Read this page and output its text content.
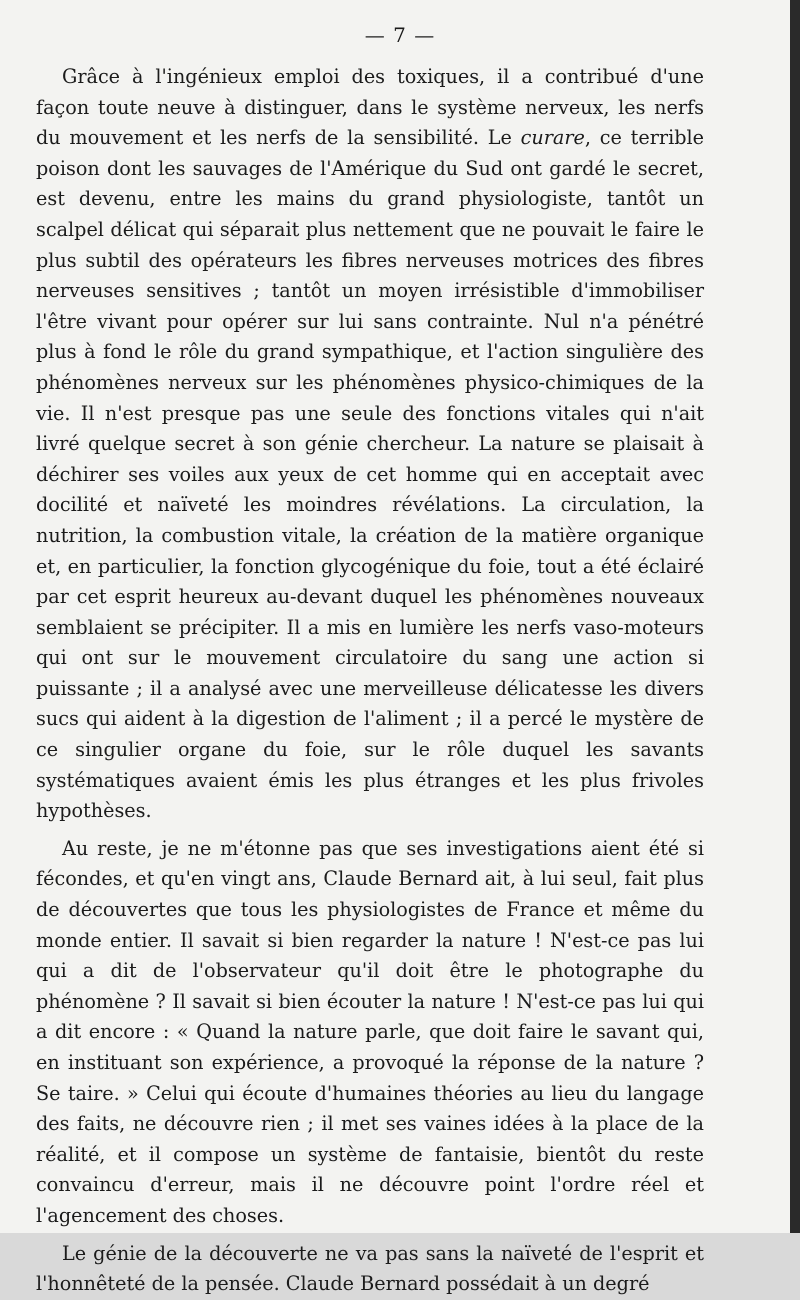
— 7 —

Grâce à l'ingénieux emploi des toxiques, il a contribué d'une façon toute neuve à distinguer, dans le système nerveux, les nerfs du mouvement et les nerfs de la sensibilité. Le curare, ce terrible poison dont les sauvages de l'Amérique du Sud ont gardé le secret, est devenu, entre les mains du grand physiologiste, tantôt un scalpel délicat qui séparait plus nettement que ne pouvait le faire le plus subtil des opérateurs les fibres nerveuses motrices des fibres nerveuses sensitives ; tantôt un moyen irrésistible d'immobiliser l'être vivant pour opérer sur lui sans contrainte. Nul n'a pénétré plus à fond le rôle du grand sympathique, et l'action singulière des phénomènes nerveux sur les phénomènes physico-chimiques de la vie. Il n'est presque pas une seule des fonctions vitales qui n'ait livré quelque secret à son génie chercheur. La nature se plaisait à déchirer ses voiles aux yeux de cet homme qui en acceptait avec docilité et naïveté les moindres révélations. La circulation, la nutrition, la combustion vitale, la création de la matière organique et, en particulier, la fonction glycogénique du foie, tout a été éclairé par cet esprit heureux au-devant duquel les phénomènes nouveaux semblaient se précipiter. Il a mis en lumière les nerfs vaso-moteurs qui ont sur le mouvement circulatoire du sang une action si puissante ; il a analysé avec une merveilleuse délicatesse les divers sucs qui aident à la digestion de l'aliment ; il a percé le mystère de ce singulier organe du foie, sur le rôle duquel les savants systématiques avaient émis les plus étranges et les plus frivoles hypothèses.

Au reste, je ne m'étonne pas que ses investigations aient été si fécondes, et qu'en vingt ans, Claude Bernard ait, à lui seul, fait plus de découvertes que tous les physiologistes de France et même du monde entier. Il savait si bien regarder la nature ! N'est-ce pas lui qui a dit de l'observateur qu'il doit être le photographe du phénomène ? Il savait si bien écouter la nature ! N'est-ce pas lui qui a dit encore : « Quand la nature parle, que doit faire le savant qui, en instituant son expérience, a provoqué la réponse de la nature ? Se taire. » Celui qui écoute d'humaines théories au lieu du langage des faits, ne découvre rien ; il met ses vaines idées à la place de la réalité, et il compose un système de fantaisie, bientôt du reste convaincu d'erreur, mais il ne découvre point l'ordre réel et l'agencement des choses.

Le génie de la découverte ne va pas sans la naïveté de l'esprit et l'honnêteté de la pensée. Claude Bernard possédait à un degré
